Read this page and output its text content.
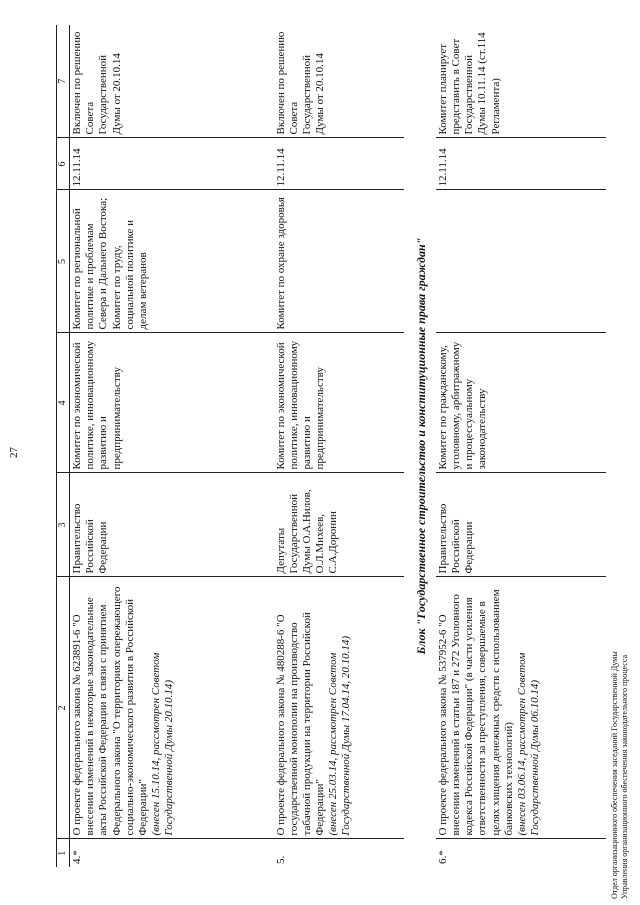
27
1	2	3	4	5	6	7
4.*	О проекте федерального закона № 623891-6 "О внесении изменений в некоторые законодательные акты Российской Федерации в связи с принятием Федерального закона "О территориях опережающего социально-экономического развития в Российской Федерации" (внесен 15.10.14, рассмотрен Советом Государственной Думы 20.10.14)	Правительство Российской Федерации	Комитет по экономической политике, инновационному развитию и предпринимательству	Комитет по региональной политике и проблемам Севера и Дальнего Востока; Комитет по труду, социальной политике и делам ветеранов	12.11.14	Включен по решению Совета Государственной Думы от 20.10.14
5.	О проекте федерального закона № 480288-6 "О государственной монополии на производство табачной продукции на территории Российской Федерации" (внесен 25.03.14, рассмотрен Советом Государственной Думы 17.04.14, 20.10.14)	Депутаты Государственной Думы О.А.Нилов, О.Л.Михеев, С.А.Доронин	Комитет по экономической политике, инновационному развитию и предпринимательству	Комитет по охране здоровья	12.11.14	Включен по решению Совета Государственной Думы от 20.10.14
Блок "Государственное строительство и конституционные права граждан"						
6.*	О проекте федерального закона № 537952-6 "О внесении изменений в статьи 187 и 272 Уголовного кодекса Российской Федерации" (в части усиления ответственности за преступления, совершаемые в целях хищения денежных средств с использованием банковских технологий) (внесен 03.06.14, рассмотрен Советом Государственной Думы 06.10.14)	Правительство Российской Федерации	Комитет по гражданскому, уголовному, арбитражному и процессуальному законодательству		12.11.14	Комитет планирует представить в Совет Государственной Думы 10.11.14 (ст.114 Регламента)
Отдел организационного обеспечения заседаний Государственной Думы Управления организационного обеспечения законодательного процесса
